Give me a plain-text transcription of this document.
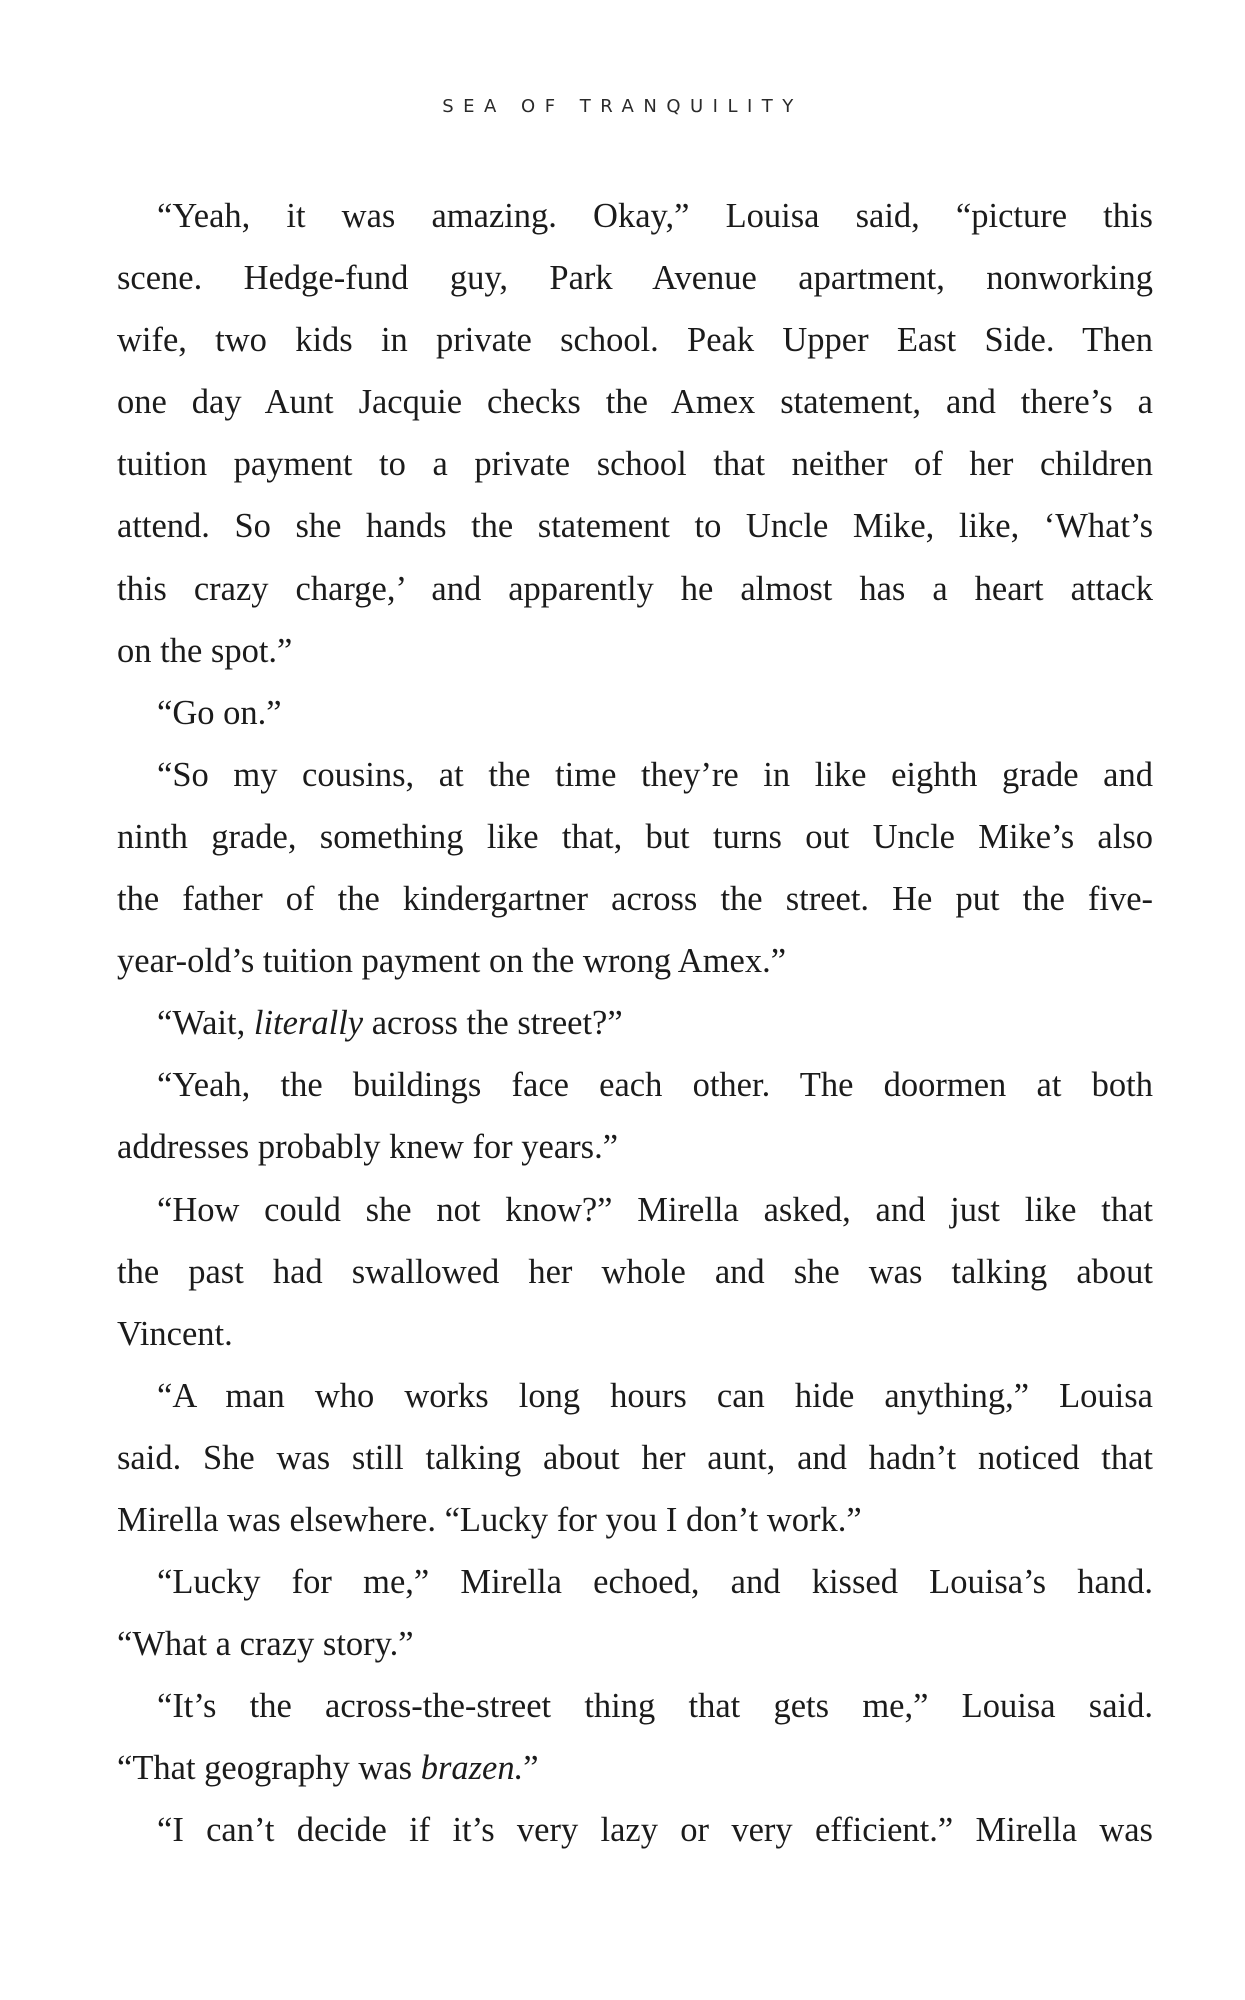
SEA OF TRANQUILITY
“Yeah, it was amazing. Okay,” Louisa said, “picture this
scene. Hedge-fund guy, Park Avenue apartment, nonworking
wife, two kids in private school. Peak Upper East Side. Then
one day Aunt Jacquie checks the Amex statement, and there’s a
tuition payment to a private school that neither of her children
attend. So she hands the statement to Uncle Mike, like, ‘What’s
this crazy charge,’ and apparently he almost has a heart attack
on the spot.”
“Go on.”
“So my cousins, at the time they’re in like eighth grade and
ninth grade, something like that, but turns out Uncle Mike’s also
the father of the kindergartner across the street. He put the five-
year-old’s tuition payment on the wrong Amex.”
“Wait, literally across the street?”
“Yeah, the buildings face each other. The doormen at both
addresses probably knew for years.”
“How could she not know?” Mirella asked, and just like that
the past had swallowed her whole and she was talking about
Vincent.
“A man who works long hours can hide anything,” Louisa
said. She was still talking about her aunt, and hadn’t noticed that
Mirella was elsewhere. “Lucky for you I don’t work.”
“Lucky for me,” Mirella echoed, and kissed Louisa’s hand.
“What a crazy story.”
“It’s the across-the-street thing that gets me,” Louisa said.
“That geography was brazen.”
“I can’t decide if it’s very lazy or very efficient.” Mirella was
